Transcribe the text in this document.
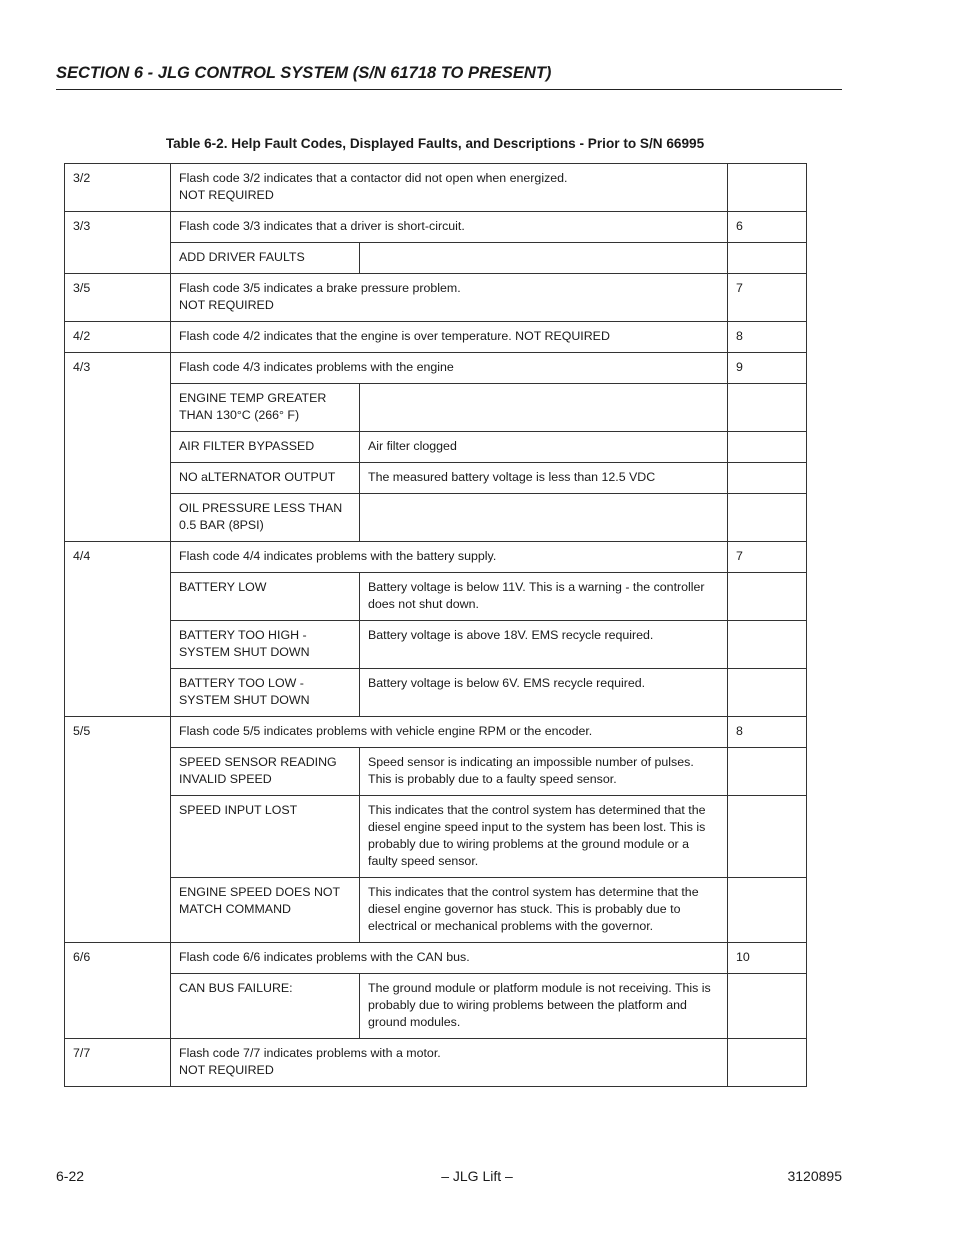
SECTION 6 - JLG CONTROL SYSTEM (S/N 61718 TO PRESENT)
Table 6-2. Help Fault Codes, Displayed Faults, and Descriptions - Prior to S/N 66995
3/2	Flash code 3/2 indicates that a contactor did not open when energized.
NOT REQUIRED		

3/3	Flash code 3/3 indicates that a driver is short-circuit.		6
	ADD DRIVER FAULTS		
3/5	Flash code 3/5 indicates a brake pressure problem.
NOT REQUIRED		7
4/2	Flash code 4/2 indicates that the engine is over temperature. NOT REQUIRED		8
4/3	Flash code 4/3 indicates problems with the engine		9
	ENGINE TEMP GREATER THAN 130°C (266° F)		
	AIR FILTER BYPASSED	Air filter clogged	
	NO aLTERNATOR OUTPUT	The measured battery voltage is less than 12.5 VDC	
	OIL PRESSURE LESS THAN 0.5 BAR (8PSI)		
4/4	Flash code 4/4 indicates problems with the battery supply.		7
	BATTERY LOW	Battery voltage is below 11V. This is a warning - the controller does not shut down.	
	BATTERY TOO HIGH - SYSTEM SHUT DOWN	Battery voltage is above 18V. EMS recycle required.	
	BATTERY TOO LOW - SYSTEM SHUT DOWN	Battery voltage is below 6V. EMS recycle required.	
5/5	Flash code 5/5 indicates problems with vehicle engine RPM or the encoder.		8
	SPEED SENSOR READING INVALID SPEED	Speed sensor is indicating an impossible number of pulses. This is probably due to a faulty speed sensor.	
	SPEED INPUT LOST	This indicates that the control system has determined that the diesel engine speed input to the system has been lost. This is probably due to wiring problems at the ground module or a faulty speed sensor.	
	ENGINE SPEED DOES NOT MATCH COMMAND	This indicates that the control system has determine that the diesel engine governor has stuck. This is probably due to electrical or mechanical problems with the governor.	
6/6	Flash code 6/6 indicates problems with the CAN bus.		10
	CAN BUS FAILURE:	The ground module or platform module is not receiving. This is probably due to wiring problems between the platform and ground modules.	
7/7	Flash code 7/7 indicates problems with a motor.
NOT REQUIRED		

6-22	– JLG Lift –	3120895
